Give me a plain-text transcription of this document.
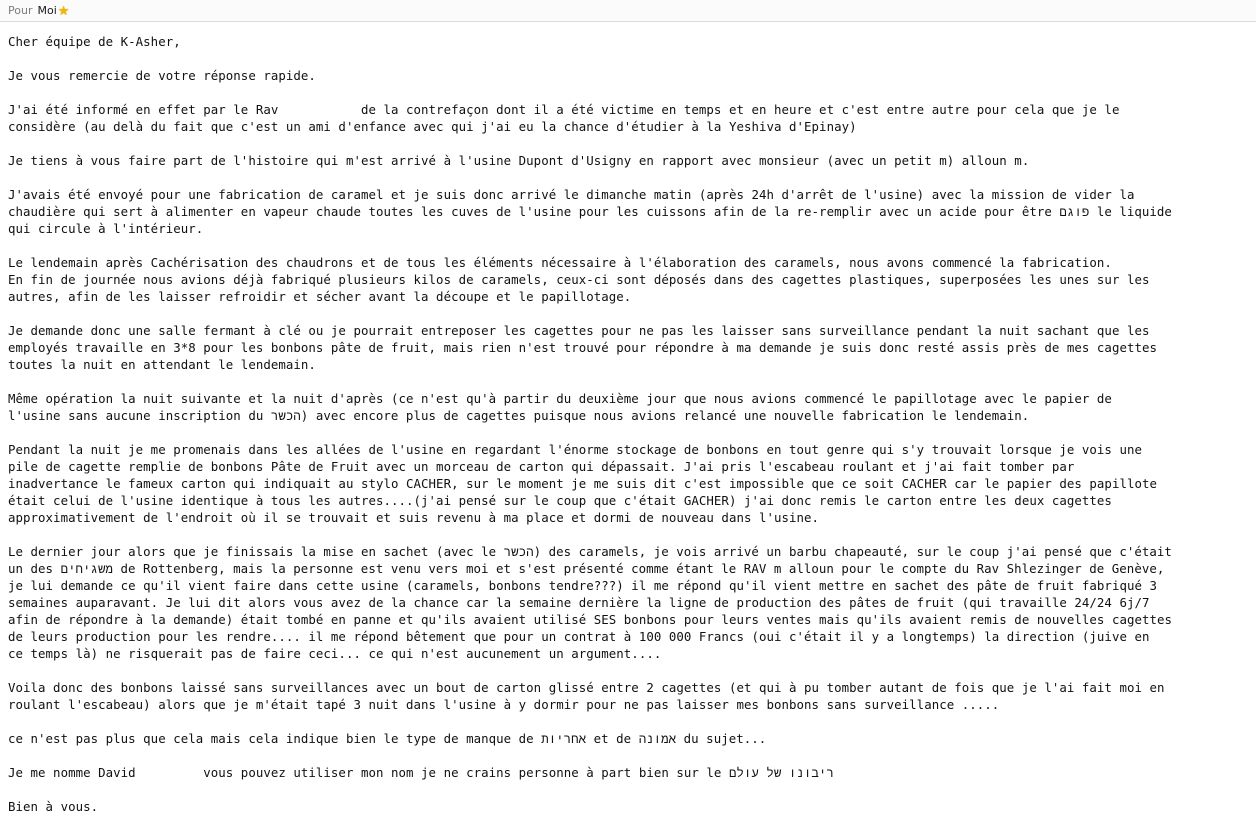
Pour Moi★
Cher équipe de K-Asher,
Je vous remercie de votre réponse rapide.
J'ai été informé en effet par le Rav           de la contrefaçon dont il a été victime en temps et en heure et c'est entre autre pour cela que je le
considère (au delà du fait que c'est un ami d'enfance avec qui j'ai eu la chance d'étudier à la Yeshiva d'Epinay)
Je tiens à vous faire part de l'histoire qui m'est arrivé à l'usine Dupont d'Usigny en rapport avec monsieur (avec un petit m) alloun m.
J'avais été envoyé pour une fabrication de caramel et je suis donc arrivé le dimanche matin (après 24h d'arrêt de l'usine) avec la mission de vider la
chaudière qui sert à alimenter en vapeur chaude toutes les cuves de l'usine pour les cuissons afin de la re-remplir avec un acide pour être פוגם le liquide
qui circule à l'intérieur.
Le lendemain après Cachérisation des chaudrons et de tous les éléments nécessaire à l'élaboration des caramels, nous avons commencé la fabrication.
En fin de journée nous avions déjà fabriqué plusieurs kilos de caramels, ceux-ci sont déposés dans des cagettes plastiques, superposées les unes sur les
autres, afin de les laisser refroidir et sécher avant la découpe et le papillotage.
Je demande donc une salle fermant à clé ou je pourrait entreposer les cagettes pour ne pas les laisser sans surveillance pendant la nuit sachant que les
employés travaille en 3*8 pour les bonbons pâte de fruit, mais rien n'est trouvé pour répondre à ma demande je suis donc resté assis près de mes cagettes
toutes la nuit en attendant le lendemain.
Même opération la nuit suivante et la nuit d'après (ce n'est qu'à partir du deuxième jour que nous avions commencé le papillotage avec le papier de
l'usine sans aucune inscription du הכשר) avec encore plus de cagettes puisque nous avions relancé une nouvelle fabrication le lendemain.
Pendant la nuit je me promenais dans les allées de l'usine en regardant l'énorme stockage de bonbons en tout genre qui s'y trouvait lorsque je vois une
pile de cagette remplie de bonbons Pâte de Fruit avec un morceau de carton qui dépassait. J'ai pris l'escabeau roulant et j'ai fait tomber par
inadvertance le fameux carton qui indiquait au stylo CACHER, sur le moment je me suis dit c'est impossible que ce soit CACHER car le papier des papillote
était celui de l'usine identique à tous les autres....(j'ai pensé sur le coup que c'était GACHER) j'ai donc remis le carton entre les deux cagettes
approximativement de l'endroit où il se trouvait et suis revenu à ma place et dormi de nouveau dans l'usine.
Le dernier jour alors que je finissais la mise en sachet (avec le הכשר) des caramels, je vois arrivé un barbu chapeauté, sur le coup j'ai pensé que c'était
un des משגיחים de Rottenberg, mais la personne est venu vers moi et s'est présenté comme étant le RAV m alloun pour le compte du Rav Shlezinger de Genève,
je lui demande ce qu'il vient faire dans cette usine (caramels, bonbons tendre???) il me répond qu'il vient mettre en sachet des pâte de fruit fabriqué 3
semaines auparavant. Je lui dit alors vous avez de la chance car la semaine dernière la ligne de production des pâtes de fruit (qui travaille 24/24 6j/7
afin de répondre à la demande) était tombé en panne et qu'ils avaient utilisé SES bonbons pour leurs ventes mais qu'ils avaient remis de nouvelles cagettes
de leurs production pour les rendre.... il me répond bêtement que pour un contrat à 100 000 Francs (oui c'était il y a longtemps) la direction (juive en
ce temps là) ne risquerait pas de faire ceci... ce qui n'est aucunement un argument....
Voila donc des bonbons laissé sans surveillances avec un bout de carton glissé entre 2 cagettes (et qui à pu tomber autant de fois que je l'ai fait moi en
roulant l'escabeau) alors que je m'était tapé 3 nuit dans l'usine à y dormir pour ne pas laisser mes bonbons sans surveillance .....
ce n'est pas plus que cela mais cela indique bien le type de manque de אחריות et de אמונה du sujet...
Je me nomme David         vous pouvez utiliser mon nom je ne crains personne à part bien sur le ריבונו של עולם
Bien à vous.
